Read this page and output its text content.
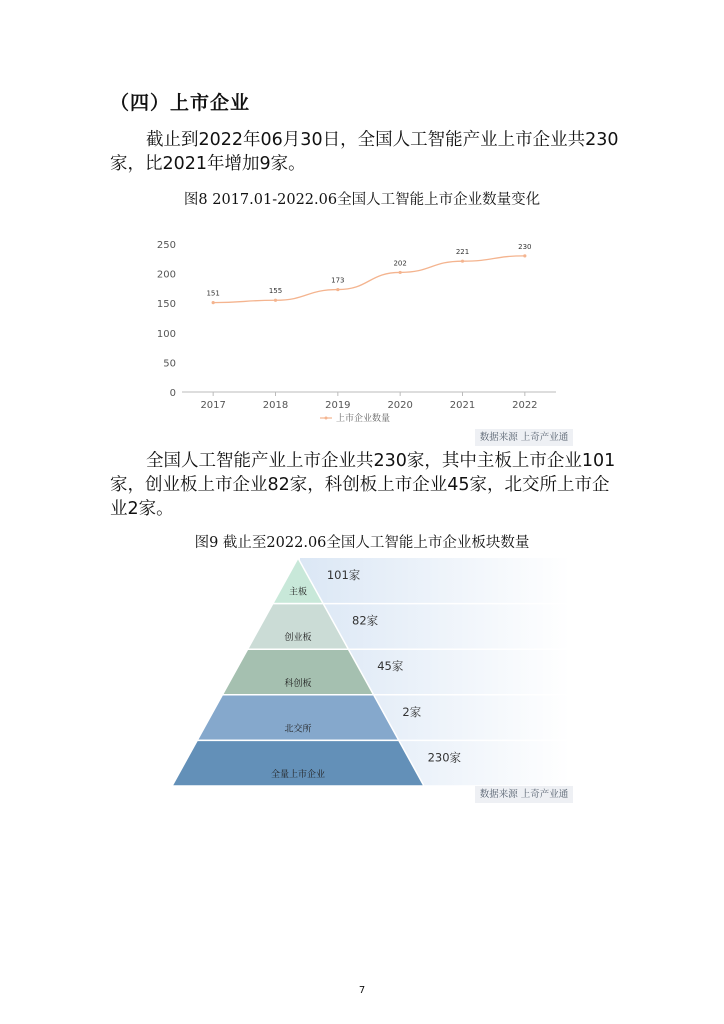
（四）上市企业

截止到2022年06月30日，全国人工智能产业上市企业共230家，比2021年增加9家。

图8 2017.01-2022.06全国人工智能上市企业数量变化
0
50
100
150
200
250
2017	2018	2019	2020	2021	2022
151	155
173
202
221
230
上市企业数量
数据来源 上奇产业通

全国人工智能产业上市企业共230家，其中主板上市企业101家，创业板上市企业82家，科创板上市企业45家，北交所上市企业2家。

图9 截止至2022.06全国人工智能上市企业板块数量
主板
101家
创业板
82家
科创板
45家
北交所
2家
全量上市企业
230家
数据来源 上奇产业通
7
